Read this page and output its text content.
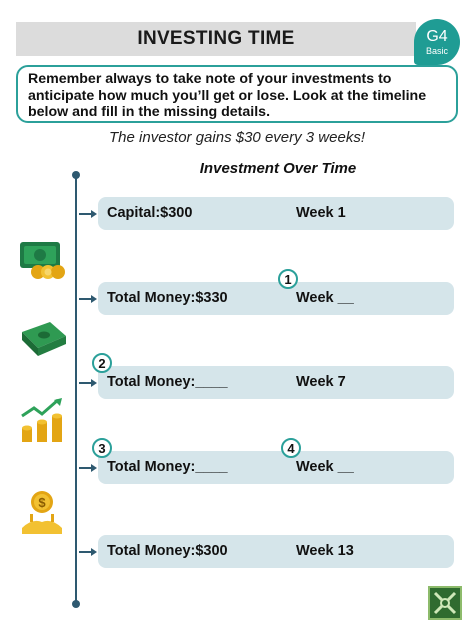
INVESTING TIME	G4
Basic
Remember always to take note of your investments to anticipate how much you’ll get or lose. Look at the timeline below and fill in the missing details.
The investor gains $30 every 3 weeks!
Investment Over Time
Capital:$300	Week 1
Total Money:$330	Week __
Total Money:____	Week 7
Total Money:____	Week __
Total Money:$300	Week 13
1
2
3	4
$
